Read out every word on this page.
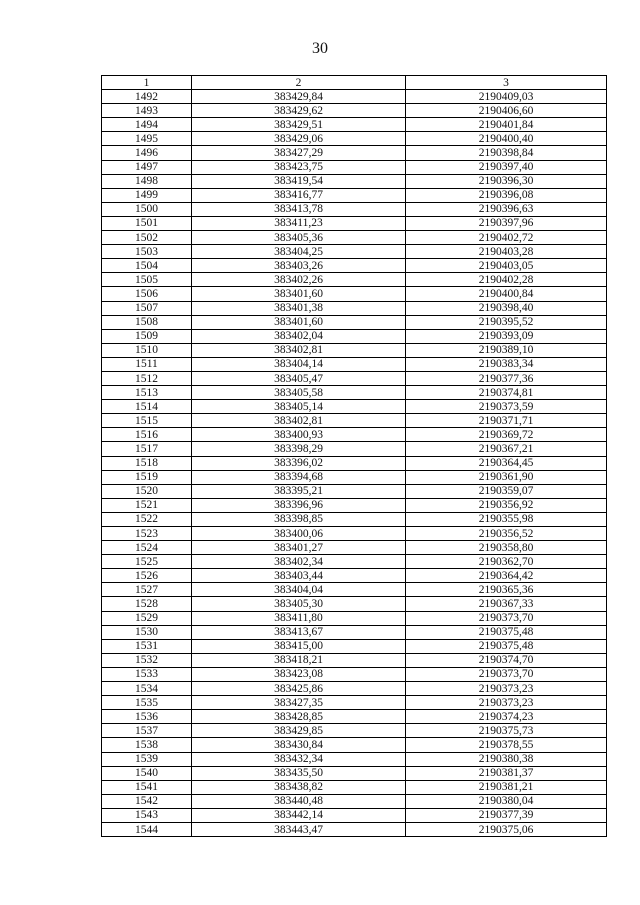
30
1	2	3
1492	383429,84	2190409,03
1493	383429,62	2190406,60
1494	383429,51	2190401,84
1495	383429,06	2190400,40
1496	383427,29	2190398,84
1497	383423,75	2190397,40
1498	383419,54	2190396,30
1499	383416,77	2190396,08
1500	383413,78	2190396,63
1501	383411,23	2190397,96
1502	383405,36	2190402,72
1503	383404,25	2190403,28
1504	383403,26	2190403,05
1505	383402,26	2190402,28
1506	383401,60	2190400,84
1507	383401,38	2190398,40
1508	383401,60	2190395,52
1509	383402,04	2190393,09
1510	383402,81	2190389,10
1511	383404,14	2190383,34
1512	383405,47	2190377,36
1513	383405,58	2190374,81
1514	383405,14	2190373,59
1515	383402,81	2190371,71
1516	383400,93	2190369,72
1517	383398,29	2190367,21
1518	383396,02	2190364,45
1519	383394,68	2190361,90
1520	383395,21	2190359,07
1521	383396,96	2190356,92
1522	383398,85	2190355,98
1523	383400,06	2190356,52
1524	383401,27	2190358,80
1525	383402,34	2190362,70
1526	383403,44	2190364,42
1527	383404,04	2190365,36
1528	383405,30	2190367,33
1529	383411,80	2190373,70
1530	383413,67	2190375,48
1531	383415,00	2190375,48
1532	383418,21	2190374,70
1533	383423,08	2190373,70
1534	383425,86	2190373,23
1535	383427,35	2190373,23
1536	383428,85	2190374,23
1537	383429,85	2190375,73
1538	383430,84	2190378,55
1539	383432,34	2190380,38
1540	383435,50	2190381,37
1541	383438,82	2190381,21
1542	383440,48	2190380,04
1543	383442,14	2190377,39
1544	383443,47	2190375,06
